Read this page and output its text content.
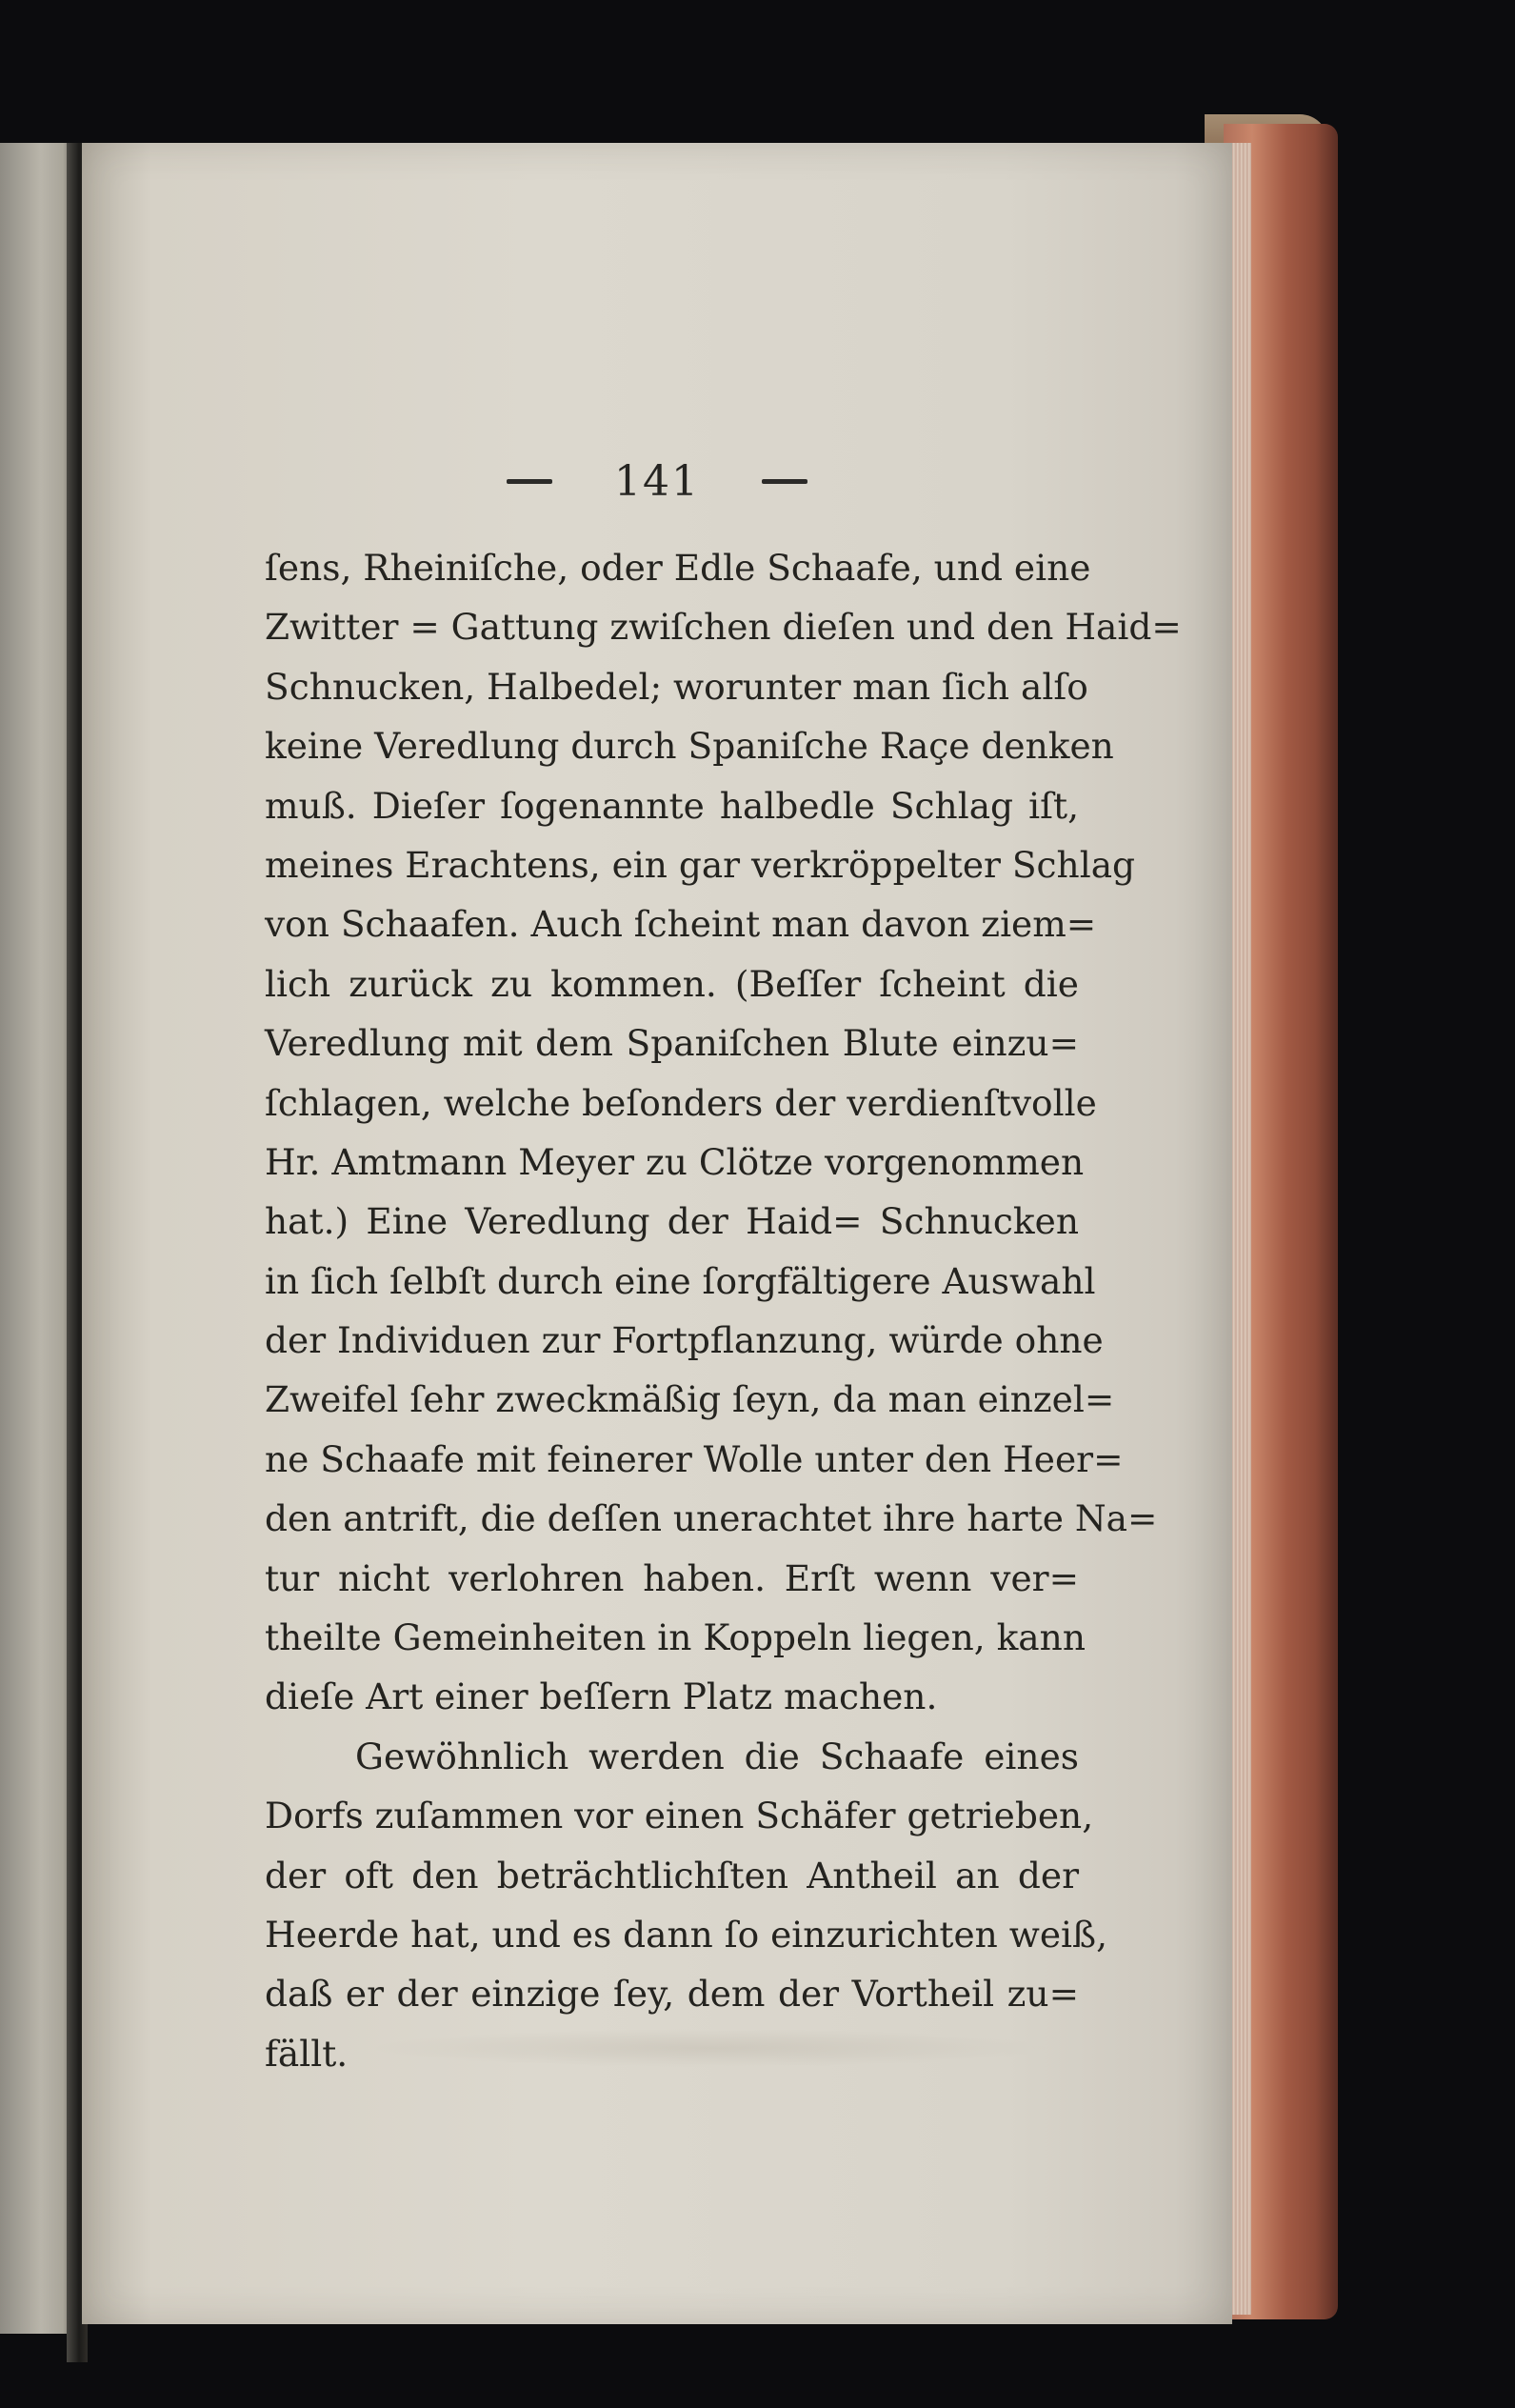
141
ſens, Rheiniſche, oder Edle Schaafe, und eine
Zwitter = Gattung zwiſchen dieſen und den Haid=
Schnucken, Halbedel; worunter man ſich alſo
keine Veredlung durch Spaniſche Raçe denken
muß. Dieſer ſogenannte halbedle Schlag iſt,
meines Erachtens, ein gar verkröppelter Schlag
von Schaafen. Auch ſcheint man davon ziem=
lich zurück zu kommen. (Beſſer ſcheint die
Veredlung mit dem Spaniſchen Blute einzu=
ſchlagen, welche beſonders der verdienſtvolle
Hr. Amtmann Meyer zu Clötze vorgenommen
hat.) Eine Veredlung der Haid= Schnucken
in ſich ſelbſt durch eine ſorgfältigere Auswahl
der Individuen zur Fortpflanzung, würde ohne
Zweifel ſehr zweckmäßig ſeyn, da man einzel=
ne Schaafe mit feinerer Wolle unter den Heer=
den antrift, die deſſen unerachtet ihre harte Na=
tur nicht verlohren haben. Erſt wenn ver=
theilte Gemeinheiten in Koppeln liegen, kann
dieſe Art einer beſſern Platz machen.
Gewöhnlich werden die Schaafe eines
Dorfs zuſammen vor einen Schäfer getrieben,
der oft den beträchtlichſten Antheil an der
Heerde hat, und es dann ſo einzurichten weiß,
daß er der einzige ſey, dem der Vortheil zu=
fällt.
